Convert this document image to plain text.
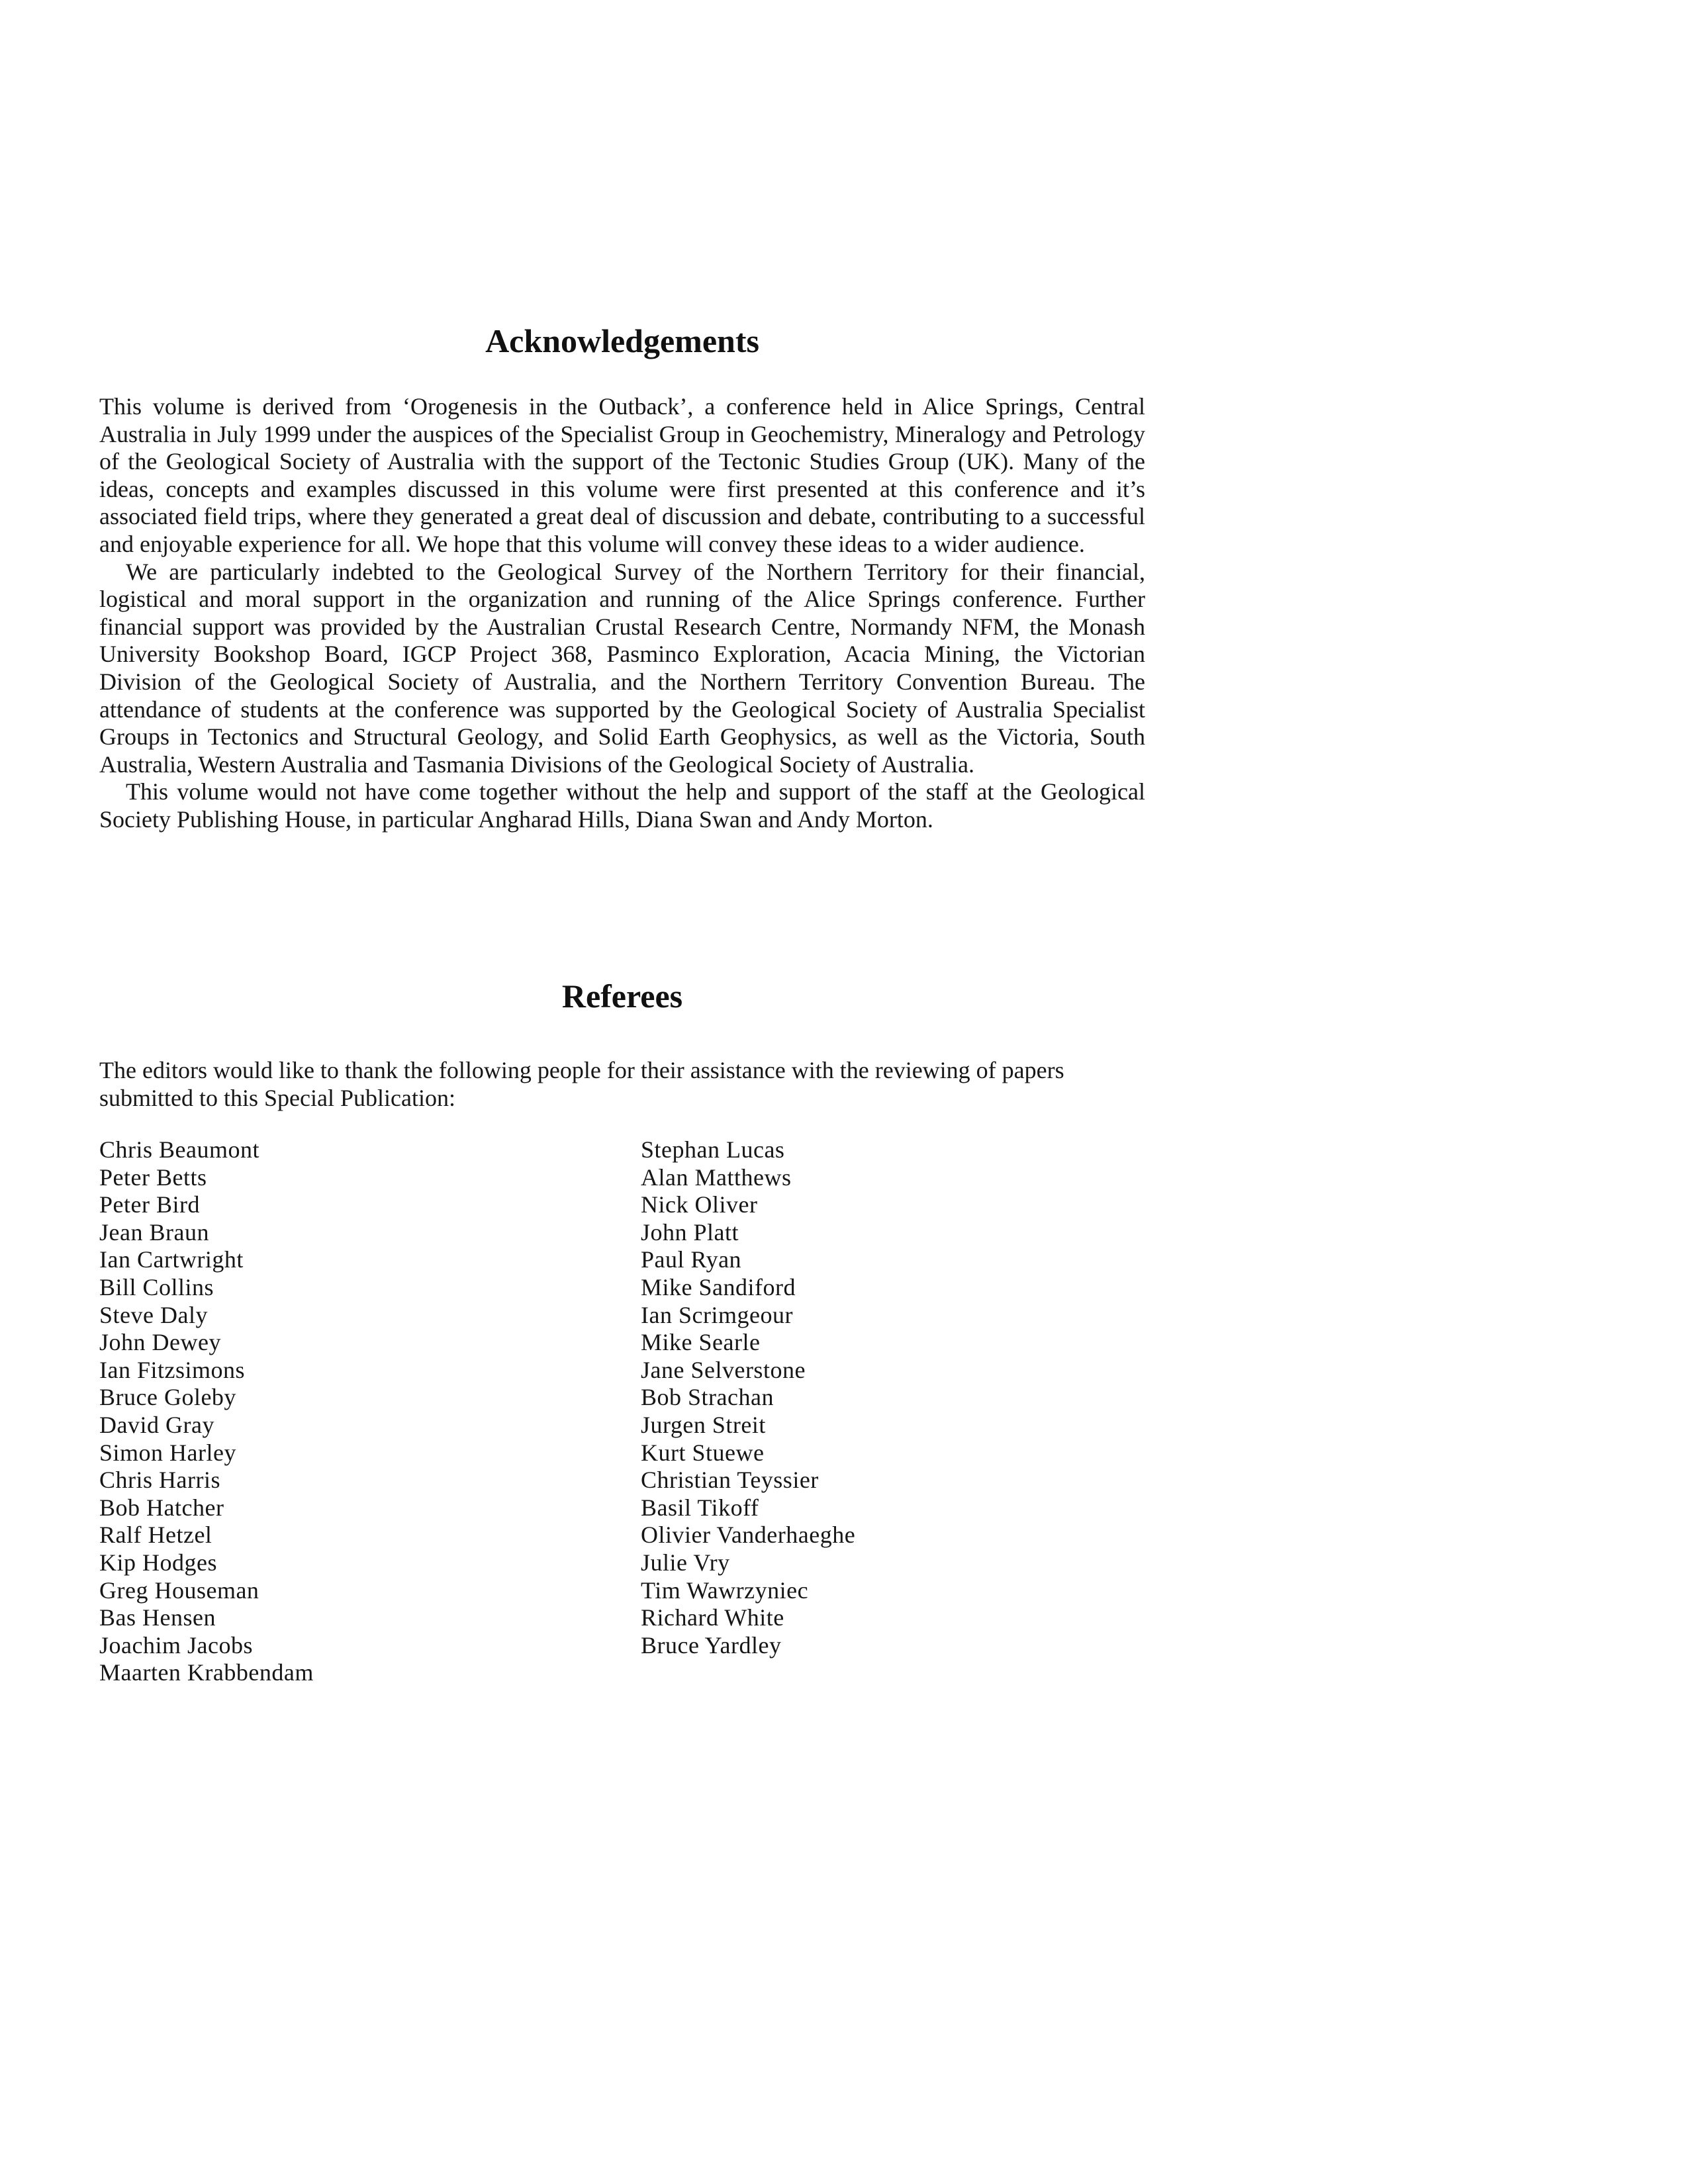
Acknowledgements

This volume is derived from ‘Orogenesis in the Outback’, a conference held in Alice Springs, Central Australia in July 1999 under the auspices of the Specialist Group in Geochemistry, Mineralogy and Petrology of the Geological Society of Australia with the support of the Tectonic Studies Group (UK). Many of the ideas, concepts and examples discussed in this volume were first presented at this conference and it’s associated field trips, where they generated a great deal of discussion and debate, contributing to a successful and enjoyable experience for all. We hope that this volume will convey these ideas to a wider audience.

We are particularly indebted to the Geological Survey of the Northern Territory for their financial, logistical and moral support in the organization and running of the Alice Springs conference. Further financial support was provided by the Australian Crustal Research Centre, Normandy NFM, the Monash University Bookshop Board, IGCP Project 368, Pasminco Exploration, Acacia Mining, the Victorian Division of the Geological Society of Australia, and the Northern Territory Convention Bureau. The attendance of students at the conference was supported by the Geological Society of Australia Specialist Groups in Tectonics and Structural Geology, and Solid Earth Geophysics, as well as the Victoria, South Australia, Western Australia and Tasmania Divisions of the Geological Society of Australia.

This volume would not have come together without the help and support of the staff at the Geological Society Publishing House, in particular Angharad Hills, Diana Swan and Andy Morton.

Referees

The editors would like to thank the following people for their assistance with the reviewing of papers submitted to this Special Publication:

Chris Beaumont
Peter Betts
Peter Bird
Jean Braun
Ian Cartwright
Bill Collins
Steve Daly
John Dewey
Ian Fitzsimons
Bruce Goleby
David Gray
Simon Harley
Chris Harris
Bob Hatcher
Ralf Hetzel
Kip Hodges
Greg Houseman
Bas Hensen
Joachim Jacobs
Maarten Krabbendam
Stephan Lucas
Alan Matthews
Nick Oliver
John Platt
Paul Ryan
Mike Sandiford
Ian Scrimgeour
Mike Searle
Jane Selverstone
Bob Strachan
Jurgen Streit
Kurt Stuewe
Christian Teyssier
Basil Tikoff
Olivier Vanderhaeghe
Julie Vry
Tim Wawrzyniec
Richard White
Bruce Yardley
